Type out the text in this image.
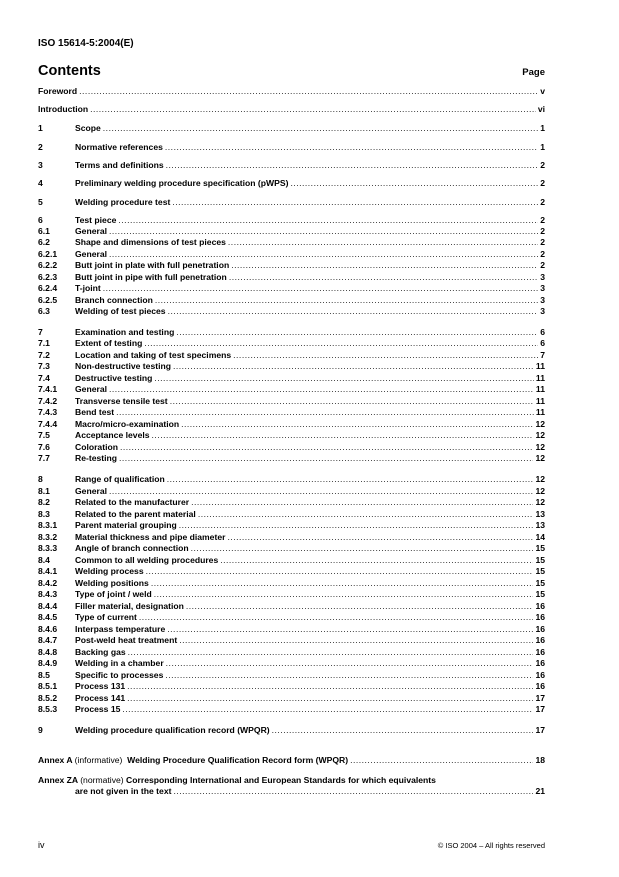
ISO 15614-5:2004(E)
Contents	Page
Foreword .....	v
Introduction .....	vi
1	Scope .....	1
2	Normative references .....	1
3	Terms and definitions .....	2
4	Preliminary welding procedure specification (pWPS) .....	2
5	Welding procedure test .....	2
6	Test piece .....	2
6.1	General .....	2
6.2	Shape and dimensions of test pieces .....	2
6.2.1	General .....	2
6.2.2	Butt joint in plate with full penetration .....	2
6.2.3	Butt joint in pipe with full penetration .....	3
6.2.4	T-joint .....	3
6.2.5	Branch connection .....	3
6.3	Welding of test pieces .....	3
7	Examination and testing .....	6
7.1	Extent of testing .....	6
7.2	Location and taking of test specimens .....	7
7.3	Non-destructive testing .....	11
7.4	Destructive testing .....	11
7.4.1	General .....	11
7.4.2	Transverse tensile test .....	11
7.4.3	Bend test .....	11
7.4.4	Macro/micro-examination .....	12
7.5	Acceptance levels .....	12
7.6	Coloration .....	12
7.7	Re-testing .....	12
8	Range of qualification .....	12
8.1	General .....	12
8.2	Related to the manufacturer .....	12
8.3	Related to the parent material .....	13
8.3.1	Parent material grouping .....	13
8.3.2	Material thickness and pipe diameter .....	14
8.3.3	Angle of branch connection .....	15
8.4	Common to all welding procedures .....	15
8.4.1	Welding process .....	15
8.4.2	Welding positions .....	15
8.4.3	Type of joint / weld .....	15
8.4.4	Filler material, designation .....	16
8.4.5	Type of current .....	16
8.4.6	Interpass temperature .....	16
8.4.7	Post-weld heat treatment .....	16
8.4.8	Backing gas .....	16
8.4.9	Welding in a chamber .....	16
8.5	Specific to processes .....	16
8.5.1	Process 131 .....	16
8.5.2	Process 141 .....	17
8.5.3	Process 15 .....	17
9	Welding procedure qualification record (WPQR) .....	17
Annex A (informative) Welding Procedure Qualification Record form (WPQR) .....	18
Annex ZA (normative) Corresponding International and European Standards for which equivalents
are not given in the text .....	21
iv	© ISO 2004 – All rights reserved
